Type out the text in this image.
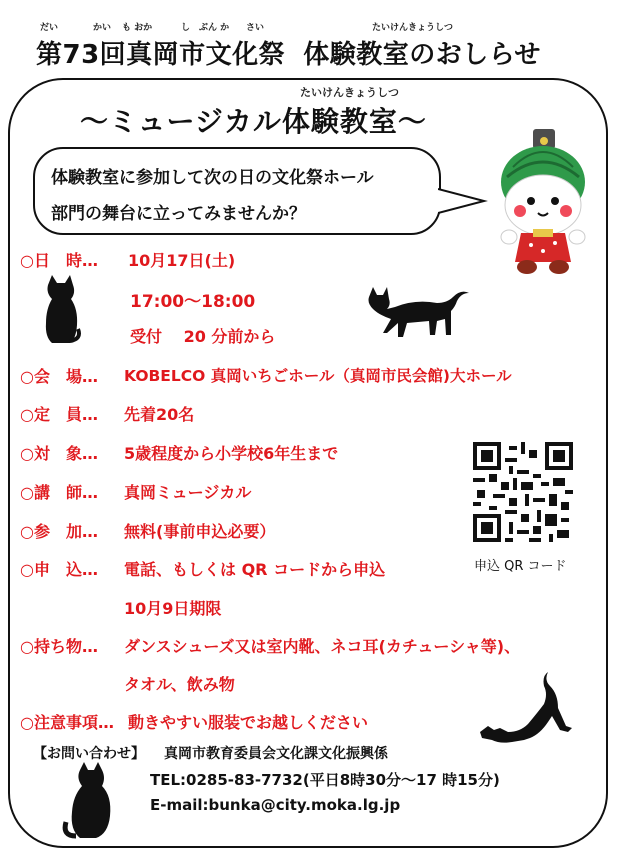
だい	かい も おか	し ぶん か さい	たいけんきょうしつ
第73回真岡市文化祭 体験教室のおしらせ
たいけんきょうしつ
〜ミュージカル体験教室〜
体験教室に参加して次の日の文化祭ホール
部門の舞台に立ってみませんか？
○日　時… 10月17日(土)
17:00〜18:00
受付　 20 分前から
○会　場… KOBELCO 真岡いちごホール（真岡市民会館)大ホール
○定　員… 先着20名
○対　象… 5歳程度から小学校6年生まで
○講　師… 真岡ミュージカル
○参　加… 無料(事前申込必要）
○申　込… 電話、もしくは QR コードから申込
10月9日期限
○持ち物… ダンスシューズ又は室内靴、ネコ耳(カチューシャ等)、
タオル、飲み物
○注意事項… 動きやすい服装でお越しください
申込 QR コード
【お問い合わせ】 真岡市教育委員会文化課文化振興係
TEL:0285-83-7732(平日8時30分〜17 時15分)
E-mail:bunka@city.moka.lg.jp
